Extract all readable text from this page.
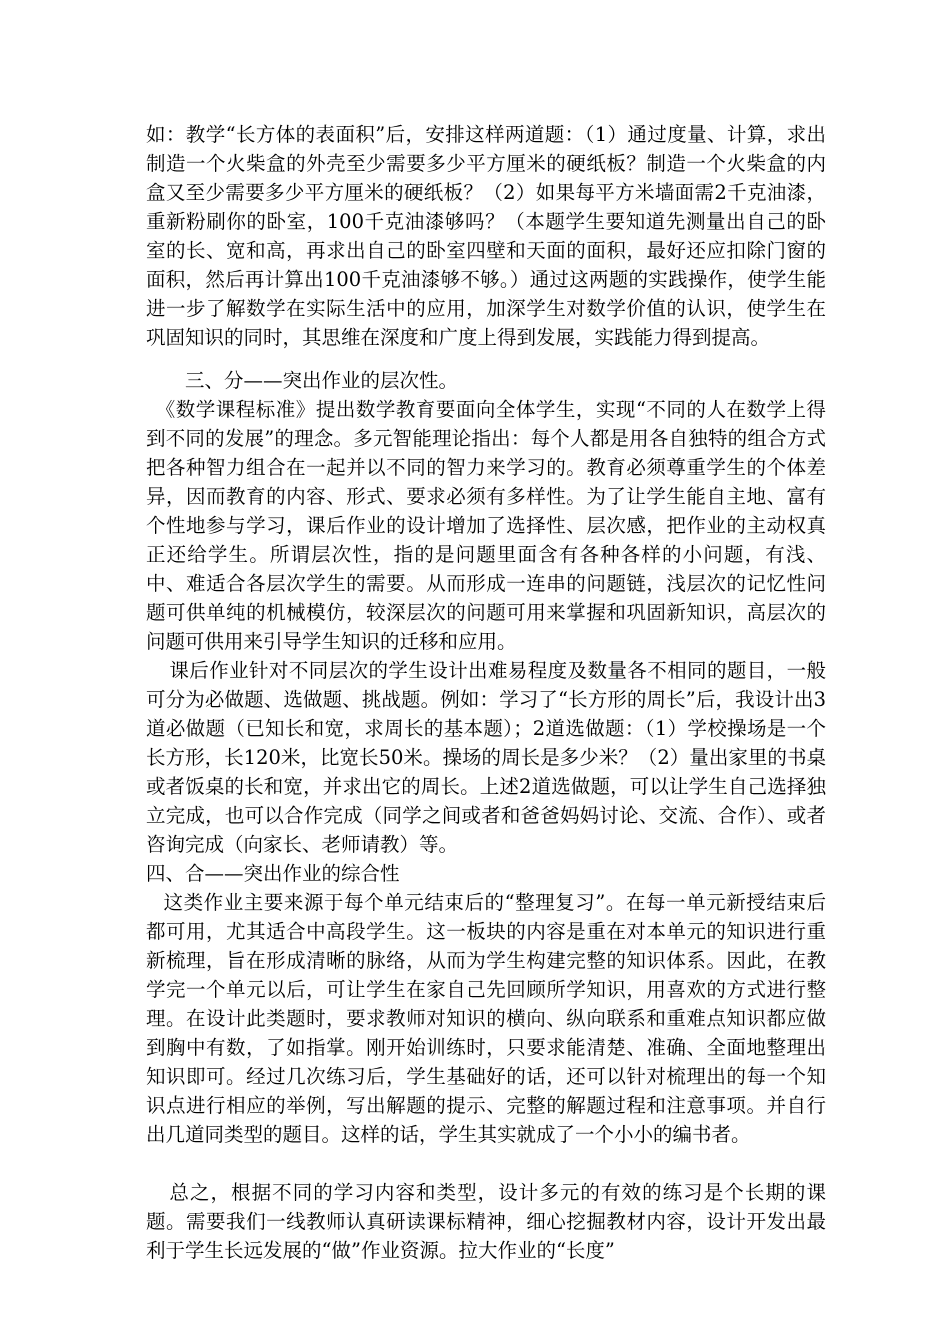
如：教学“长方体的表面积”后，安排这样两道题：（1）通过度量、计算，求出制造一个火柴盒的外壳至少需要多少平方厘米的硬纸板？制造一个火柴盒的内盒又至少需要多少平方厘米的硬纸板？（2）如果每平方米墙面需2千克油漆，重新粉刷你的卧室，100千克油漆够吗？（本题学生要知道先测量出自己的卧室的长、宽和高，再求出自己的卧室四壁和天面的面积，最好还应扣除门窗的面积，然后再计算出100千克油漆够不够。）通过这两题的实践操作，使学生能进一步了解数学在实际生活中的应用，加深学生对数学价值的认识，使学生在巩固知识的同时，其思维在深度和广度上得到发展，实践能力得到提高。

三、分——突出作业的层次性。

《数学课程标准》提出数学教育要面向全体学生，实现“不同的人在数学上得到不同的发展”的理念。多元智能理论指出：每个人都是用各自独特的组合方式把各种智力组合在一起并以不同的智力来学习的。教育必须尊重学生的个体差异，因而教育的内容、形式、要求必须有多样性。为了让学生能自主地、富有个性地参与学习，课后作业的设计增加了选择性、层次感，把作业的主动权真正还给学生。所谓层次性，指的是问题里面含有各种各样的小问题，有浅、中、难适合各层次学生的需要。从而形成一连串的问题链，浅层次的记忆性问题可供单纯的机械模仿，较深层次的问题可用来掌握和巩固新知识，高层次的问题可供用来引导学生知识的迁移和应用。

课后作业针对不同层次的学生设计出难易程度及数量各不相同的题目，一般可分为必做题、选做题、挑战题。例如：学习了“长方形的周长”后，我设计出3道必做题（已知长和宽，求周长的基本题）；2道选做题：（1）学校操场是一个长方形，长120米，比宽长50米。操场的周长是多少米？（2）量出家里的书桌或者饭桌的长和宽，并求出它的周长。上述2道选做题，可以让学生自己选择独立完成，也可以合作完成（同学之间或者和爸爸妈妈讨论、交流、合作）、或者咨询完成（向家长、老师请教）等。

四、合——突出作业的综合性

这类作业主要来源于每个单元结束后的“整理复习”。在每一单元新授结束后都可用，尤其适合中高段学生。这一板块的内容是重在对本单元的知识进行重新梳理，旨在形成清晰的脉络，从而为学生构建完整的知识体系。因此，在教学完一个单元以后，可让学生在家自己先回顾所学知识，用喜欢的方式进行整理。在设计此类题时，要求教师对知识的横向、纵向联系和重难点知识都应做到胸中有数，了如指掌。刚开始训练时，只要求能清楚、准确、全面地整理出知识即可。经过几次练习后，学生基础好的话，还可以针对梳理出的每一个知识点进行相应的举例，写出解题的提示、完整的解题过程和注意事项。并自行出几道同类型的题目。这样的话，学生其实就成了一个小小的编书者。

总之，根据不同的学习内容和类型，设计多元的有效的练习是个长期的课题。需要我们一线教师认真研读课标精神，细心挖掘教材内容，设计开发出最利于学生长远发展的“做”作业资源。拉大作业的“长度”
